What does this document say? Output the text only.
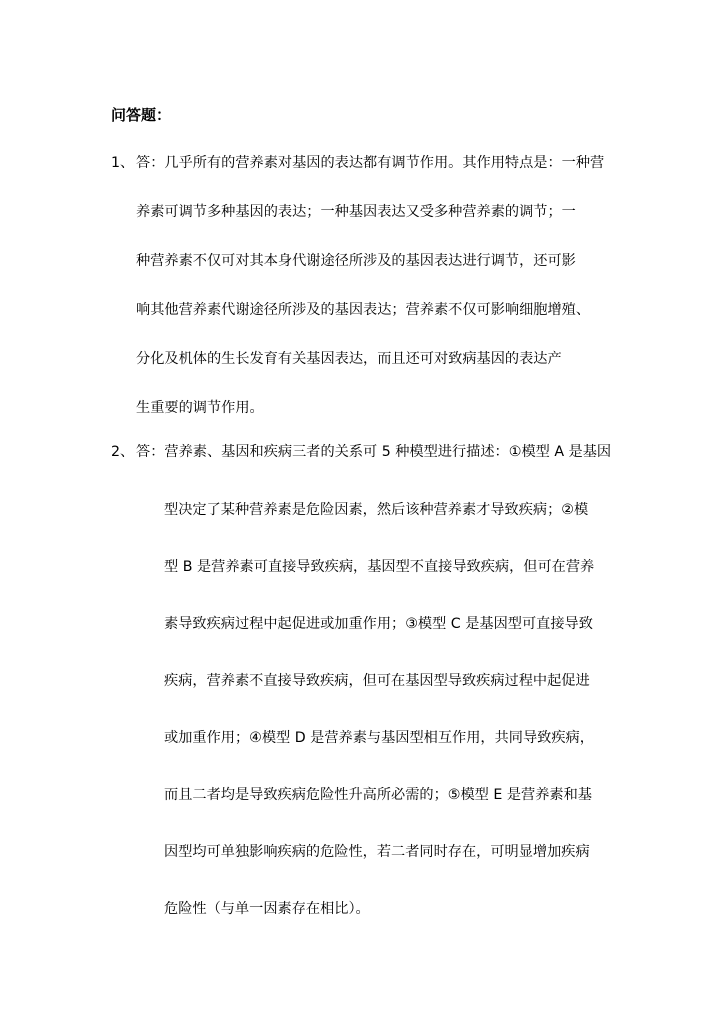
问答题：
1、 答：几乎所有的营养素对基因的表达都有调节作用。其作用特点是：一种营

养素可调节多种基因的表达；一种基因表达又受多种营养素的调节；一

种营养素不仅可对其本身代谢途径所涉及的基因表达进行调节，还可影

响其他营养素代谢途径所涉及的基因表达；营养素不仅可影响细胞增殖、

分化及机体的生长发育有关基因表达，而且还可对致病基因的表达产

生重要的调节作用。

2、 答：营养素、基因和疾病三者的关系可 5 种模型进行描述：①模型 A 是基因

型决定了某种营养素是危险因素，然后该种营养素才导致疾病；②模

型 B 是营养素可直接导致疾病，基因型不直接导致疾病，但可在营养

素导致疾病过程中起促进或加重作用；③模型 C 是基因型可直接导致

疾病，营养素不直接导致疾病，但可在基因型导致疾病过程中起促进

或加重作用；④模型 D 是营养素与基因型相互作用，共同导致疾病，

而且二者均是导致疾病危险性升高所必需的；⑤模型 E 是营养素和基

因型均可单独影响疾病的危险性，若二者同时存在，可明显增加疾病

危险性（与单一因素存在相比）。
